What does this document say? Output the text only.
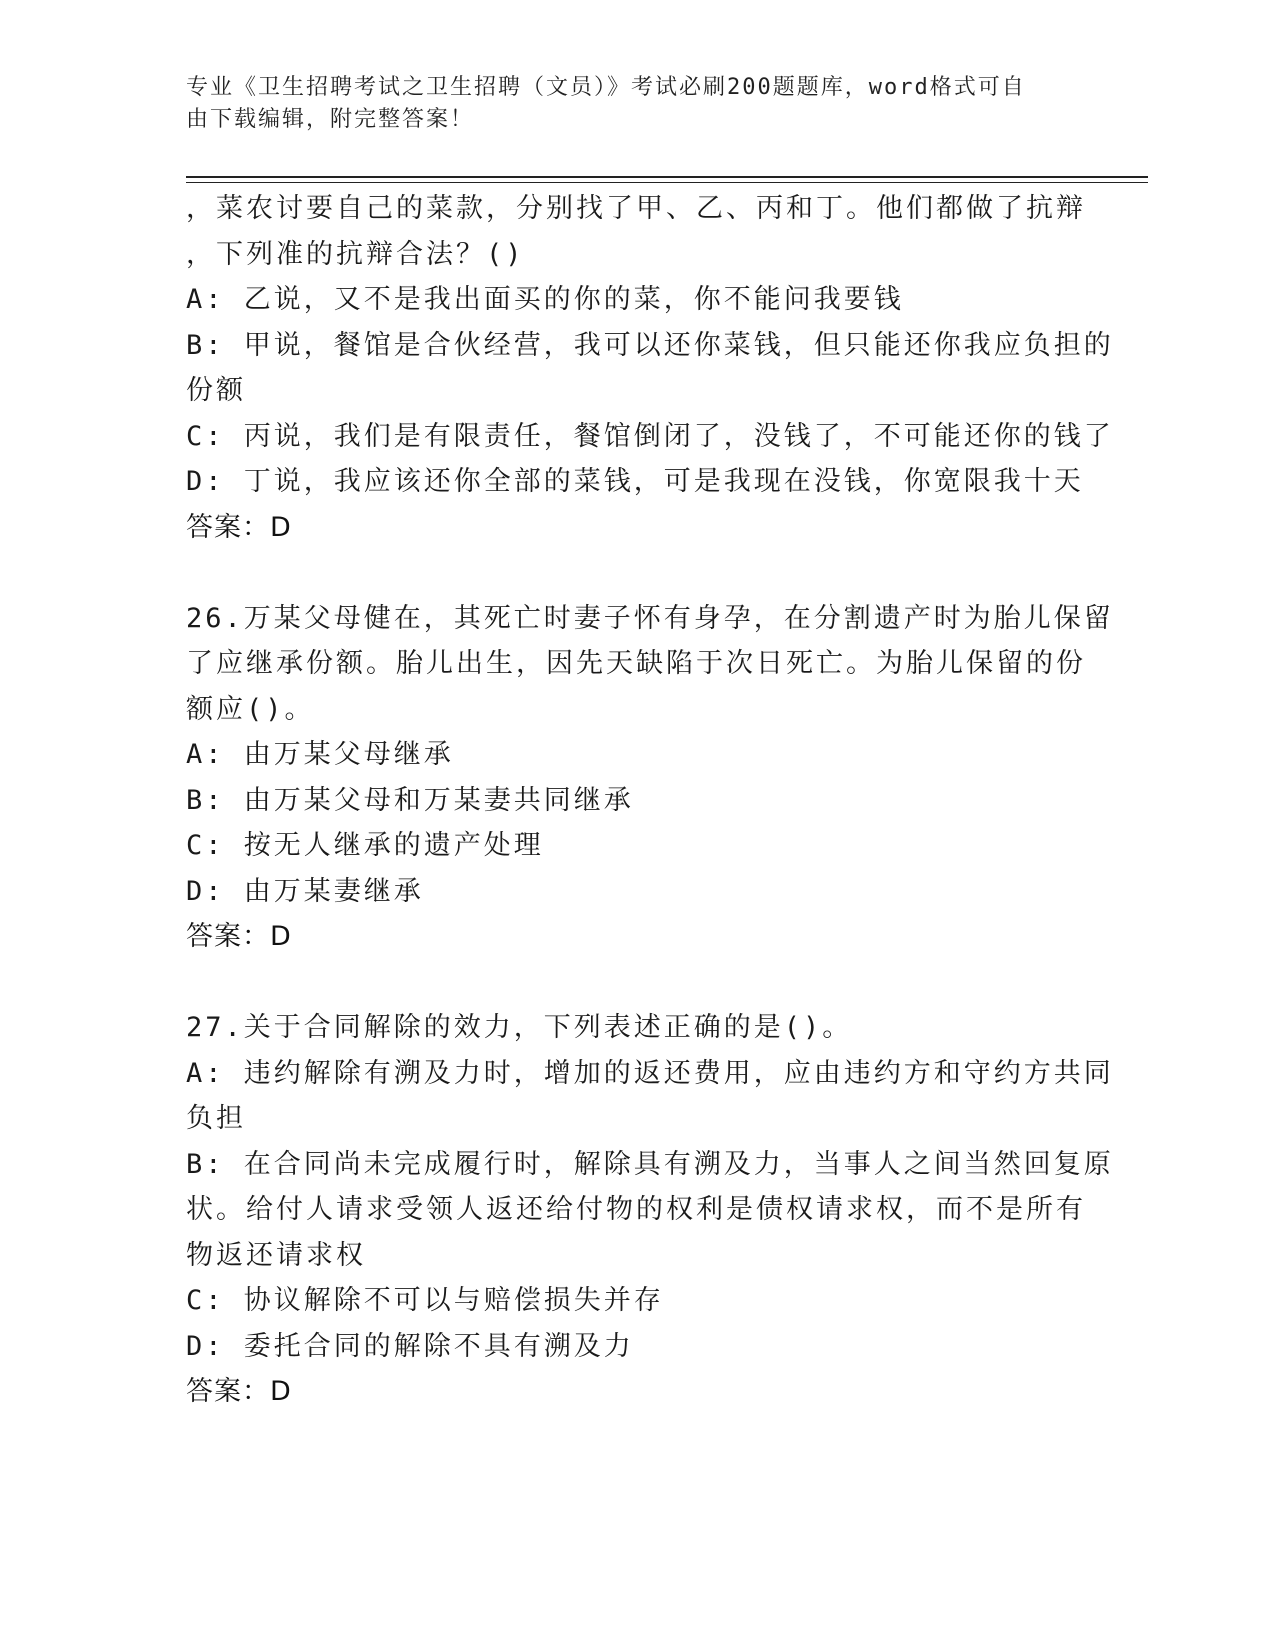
专业《卫生招聘考试之卫生招聘（文员）》考试必刷200题题库，word格式可自
由下载编辑，附完整答案！
，菜农讨要自己的菜款，分别找了甲、乙、丙和丁。他们都做了抗辩
，下列准的抗辩合法？()
A: 乙说，又不是我出面买的你的菜，你不能问我要钱
B: 甲说，餐馆是合伙经营，我可以还你菜钱，但只能还你我应负担的
份额
C: 丙说，我们是有限责任，餐馆倒闭了，没钱了，不可能还你的钱了
D: 丁说，我应该还你全部的菜钱，可是我现在没钱，你宽限我十天
答案：D
26.万某父母健在，其死亡时妻子怀有身孕，在分割遗产时为胎儿保留
了应继承份额。胎儿出生，因先天缺陷于次日死亡。为胎儿保留的份
额应()。
A: 由万某父母继承
B: 由万某父母和万某妻共同继承
C: 按无人继承的遗产处理
D: 由万某妻继承
答案：D
27.关于合同解除的效力，下列表述正确的是()。
A: 违约解除有溯及力时，增加的返还费用，应由违约方和守约方共同
负担
B: 在合同尚未完成履行时，解除具有溯及力，当事人之间当然回复原
状。给付人请求受领人返还给付物的权利是债权请求权，而不是所有
物返还请求权
C: 协议解除不可以与赔偿损失并存
D: 委托合同的解除不具有溯及力
答案：D
